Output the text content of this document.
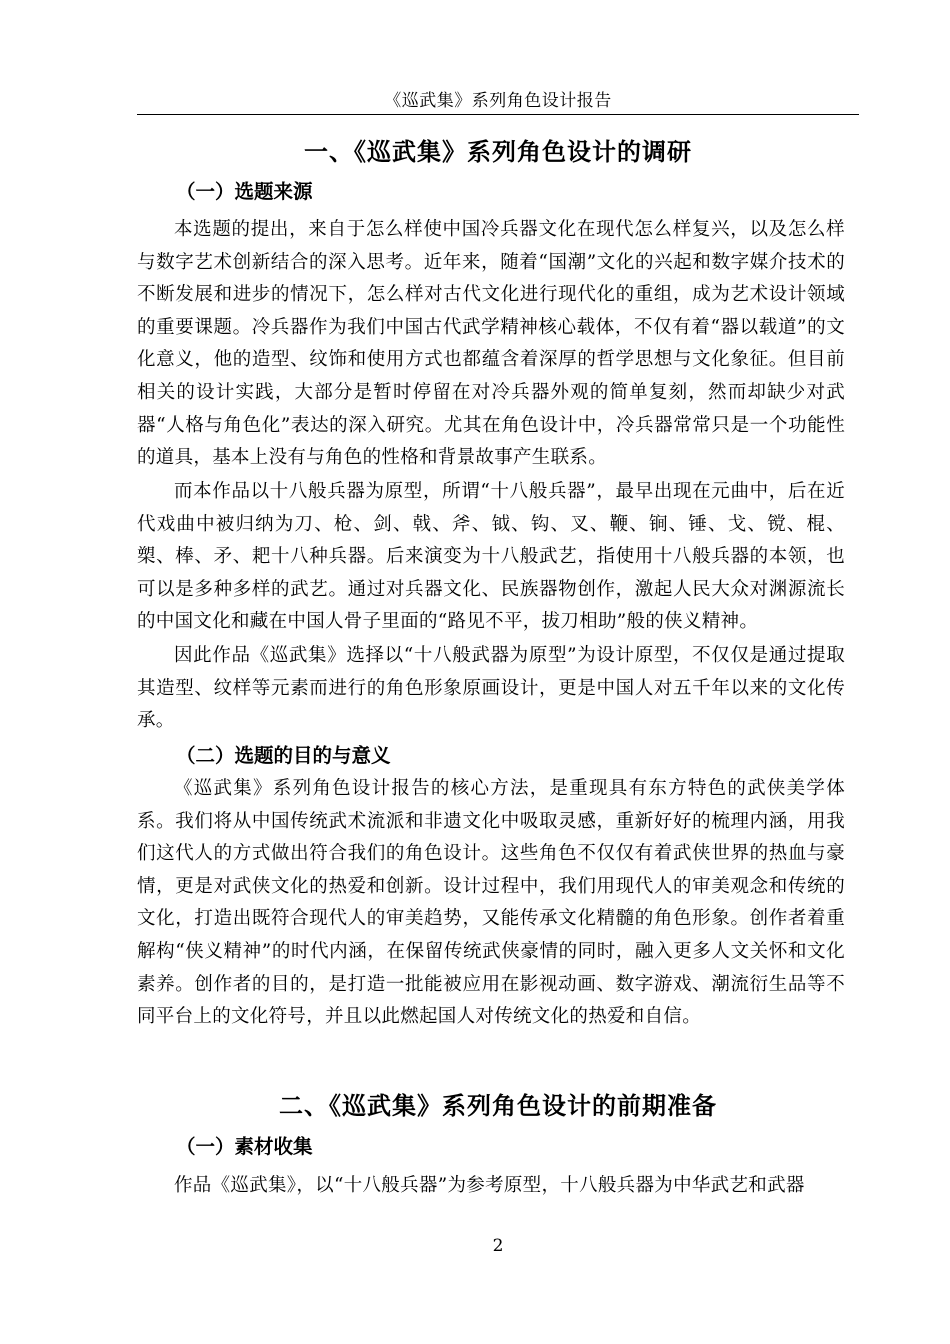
《巡武集》系列角色设计报告
一、《巡武集》系列角色设计的调研
（一）选题来源

本选题的提出，来自于怎么样使中国冷兵器文化在现代怎么样复兴，以及怎么样与数字艺术创新结合的深入思考。近年来，随着“国潮”文化的兴起和数字媒介技术的不断发展和进步的情况下，怎么样对古代文化进行现代化的重组，成为艺术设计领域的重要课题。冷兵器作为我们中国古代武学精神核心载体，不仅有着“器以载道”的文化意义，他的造型、纹饰和使用方式也都蕴含着深厚的哲学思想与文化象征。但目前相关的设计实践，大部分是暂时停留在对冷兵器外观的简单复刻，然而却缺少对武器“人格与角色化”表达的深入研究。尤其在角色设计中，冷兵器常常只是一个功能性的道具，基本上没有与角色的性格和背景故事产生联系。

而本作品以十八般兵器为原型，所谓“十八般兵器”，最早出现在元曲中，后在近代戏曲中被归纳为刀、枪、剑、戟、斧、钺、钩、叉、鞭、锏、锤、戈、镋、棍、槊、棒、矛、耙十八种兵器。后来演变为十八般武艺，指使用十八般兵器的本领，也可以是多种多样的武艺。通过对兵器文化、民族器物创作，激起人民大众对渊源流长的中国文化和藏在中国人骨子里面的“路见不平，拔刀相助”般的侠义精神。

因此作品《巡武集》选择以“十八般武器为原型”为设计原型，不仅仅是通过提取其造型、纹样等元素而进行的角色形象原画设计，更是中国人对五千年以来的文化传承。

（二）选题的目的与意义

《巡武集》系列角色设计报告的核心方法，是重现具有东方特色的武侠美学体系。我们将从中国传统武术流派和非遗文化中吸取灵感，重新好好的梳理内涵，用我们这代人的方式做出符合我们的角色设计。这些角色不仅仅有着武侠世界的热血与豪情，更是对武侠文化的热爱和创新。设计过程中，我们用现代人的审美观念和传统的文化，打造出既符合现代人的审美趋势，又能传承文化精髓的角色形象。创作者着重解构“侠义精神”的时代内涵，在保留传统武侠豪情的同时，融入更多人文关怀和文化素养。创作者的目的，是打造一批能被应用在影视动画、数字游戏、潮流衍生品等不同平台上的文化符号，并且以此燃起国人对传统文化的热爱和自信。

二、《巡武集》系列角色设计的前期准备
（一）素材收集

作品《巡武集》，以“十八般兵器”为参考原型，十八般兵器为中华武艺和武器

2
